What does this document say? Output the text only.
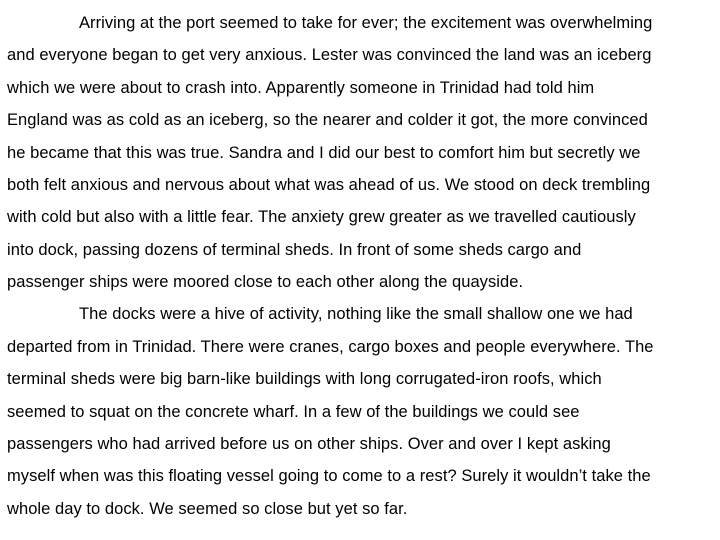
Arriving at the port seemed to take for ever; the excitement was overwhelming
and everyone began to get very anxious. Lester was convinced the land was an iceberg
which we were about to crash into. Apparently someone in Trinidad had told him
England was as cold as an iceberg, so the nearer and colder it got, the more convinced
he became that this was true. Sandra and I did our best to comfort him but secretly we
both felt anxious and nervous about what was ahead of us. We stood on deck trembling
with cold but also with a little fear. The anxiety grew greater as we travelled cautiously
into dock, passing dozens of terminal sheds. In front of some sheds cargo and
passenger ships were moored close to each other along the quayside.
The docks were a hive of activity, nothing like the small shallow one we had
departed from in Trinidad. There were cranes, cargo boxes and people everywhere. The
terminal sheds were big barn-like buildings with long corrugated-iron roofs, which
seemed to squat on the concrete wharf. In a few of the buildings we could see
passengers who had arrived before us on other ships. Over and over I kept asking
myself when was this floating vessel going to come to a rest? Surely it wouldn’t take the
whole day to dock. We seemed so close but yet so far.
